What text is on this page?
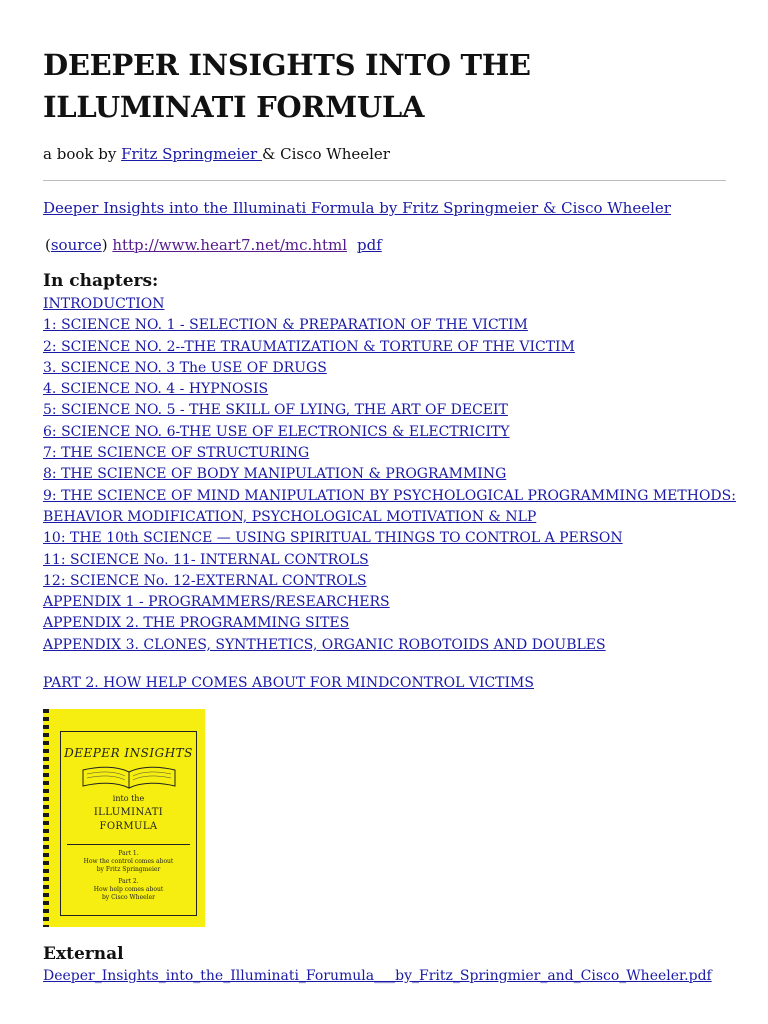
DEEPER INSIGHTS INTO THE ILLUMINATI FORMULA
a book by Fritz Springmeier & Cisco Wheeler
Deeper Insights into the Illuminati Formula by Fritz Springmeier & Cisco Wheeler
(source) http://www.heart7.net/mc.html pdf
In chapters:
INTRODUCTION
1: SCIENCE NO. 1 - SELECTION & PREPARATION OF THE VICTIM
2: SCIENCE NO. 2--THE TRAUMATIZATION & TORTURE OF THE VICTIM
3. SCIENCE NO. 3 The USE OF DRUGS
4. SCIENCE NO. 4 - HYPNOSIS
5: SCIENCE NO. 5 - THE SKILL OF LYING, THE ART OF DECEIT
6: SCIENCE NO. 6-THE USE OF ELECTRONICS & ELECTRICITY
7: THE SCIENCE OF STRUCTURING
8: THE SCIENCE OF BODY MANIPULATION & PROGRAMMING
9: THE SCIENCE OF MIND MANIPULATION BY PSYCHOLOGICAL PROGRAMMING METHODS:
BEHAVIOR MODIFICATION, PSYCHOLOGICAL MOTIVATION & NLP
10: THE 10th SCIENCE — USING SPIRITUAL THINGS TO CONTROL A PERSON
11: SCIENCE No. 11- INTERNAL CONTROLS
12: SCIENCE No. 12-EXTERNAL CONTROLS
APPENDIX 1 - PROGRAMMERS/RESEARCHERS
APPENDIX 2. THE PROGRAMMING SITES
APPENDIX 3. CLONES, SYNTHETICS, ORGANIC ROBOTOIDS AND DOUBLES
PART 2. HOW HELP COMES ABOUT FOR MINDCONTROL VICTIMS
DEEPER INSIGHTS
into the
ILLUMINATI
FORMULA
Part 1.
How the control comes about
by Fritz Springmeier
Part 2.
How help comes about
by Cisco Wheeler
External
Deeper_Insights_into_the_Illuminati_Forumula___by_Fritz_Springmier_and_Cisco_Wheeler.pdf
